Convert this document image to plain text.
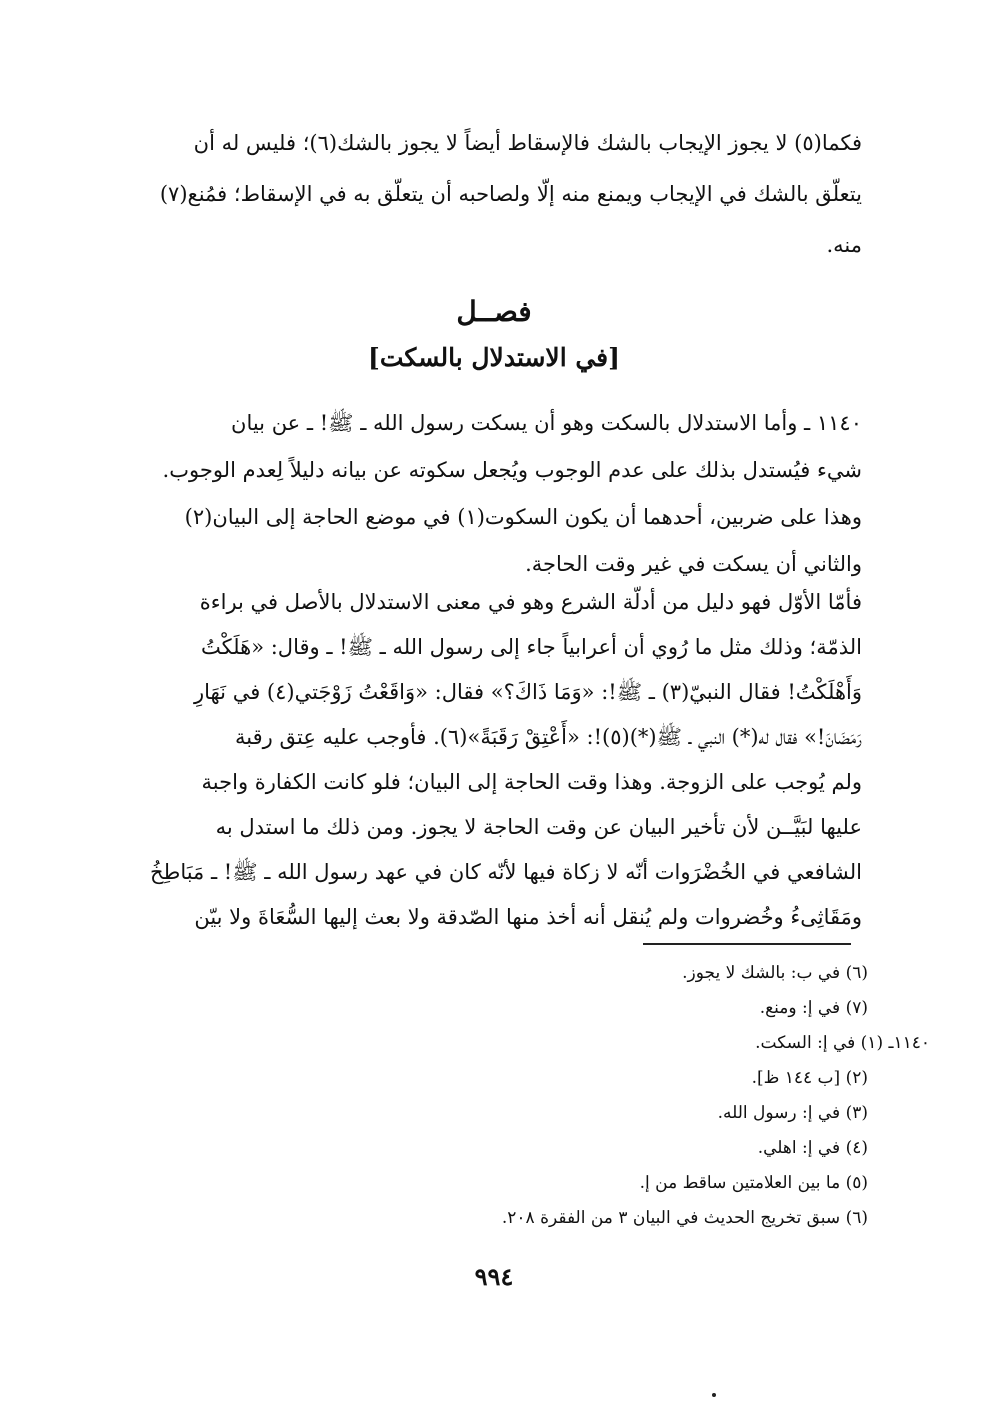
فكما(٥) لا يجوز الإيجاب بالشك فالإسقاط أيضاً لا يجوز بالشك(٦)؛ فليس له أن
يتعلّق بالشك في الإيجاب ويمنع منه إلّا ولصاحبه أن يتعلّق به في الإسقاط؛ فمُنع(٧)
منه.
فصــل
[في الاستدلال بالسكت]
١١٤٠ ـ وأما الاستدلال بالسكت وهو أن يسكت رسول الله ـ ﷺ! ـ عن بيان
شيء فيُستدل بذلك على عدم الوجوب ويُجعل سكوته عن بيانه دليلاً لِعدم الوجوب.
وهذا على ضربين، أحدهما أن يكون السكوت(١) في موضع الحاجة إلى البيان(٢)
والثاني أن يسكت في غير وقت الحاجة.
فأمّا الأوّل فهو دليل من أدلّة الشرع وهو في معنى الاستدلال بالأصل في براءة
الذمّة؛ وذلك مثل ما رُوي أن أعرابياً جاء إلى رسول الله ـ ﷺ! ـ وقال: «هَلَكْتُ
وَأَهْلَكْتُ! فقال النبيّ(٣) ـ ﷺ!: «وَمَا ذَاكَ؟» فقال: «وَاقَعْتُ زَوْجَتي(٤) في نَهَارِ
رَمَضَانَ!» فقال له(*) النبي ـ ﷺ(*)(٥)!: «أَعْتِقْ رَقَبَةً»(٦). فأوجب عليه عِتق رقبة
ولم يُوجب على الزوجة. وهذا وقت الحاجة إلى البيان؛ فلو كانت الكفارة واجبة
عليها لبَيَّــن لأن تأخير البيان عن وقت الحاجة لا يجوز. ومن ذلك ما استدل به
الشافعي في الخُضْرَوات أنّه لا زكاة فيها لأنّه كان في عهد رسول الله ـ ﷺ! ـ مَبَاطِخُ
ومَقَاثِىءُ وخُضروات ولم يُنقل أنه أخذ منها الصّدقة ولا بعث إليها السُّعَاةَ ولا بيّن
(٦) في ب: بالشك لا يجوز.
(٧) في إ: ومنع.
١١٤٠ـ (١) في إ: السكت.
(٢) [ب ١٤٤ ظ].
(٣) في إ: رسول الله.
(٤) في إ: اهلي.
(٥) ما بين العلامتين ساقط من إ.
(٦) سبق تخريج الحديث في البيان ٣ من الفقرة ٢٠٨.
٩٩٤
